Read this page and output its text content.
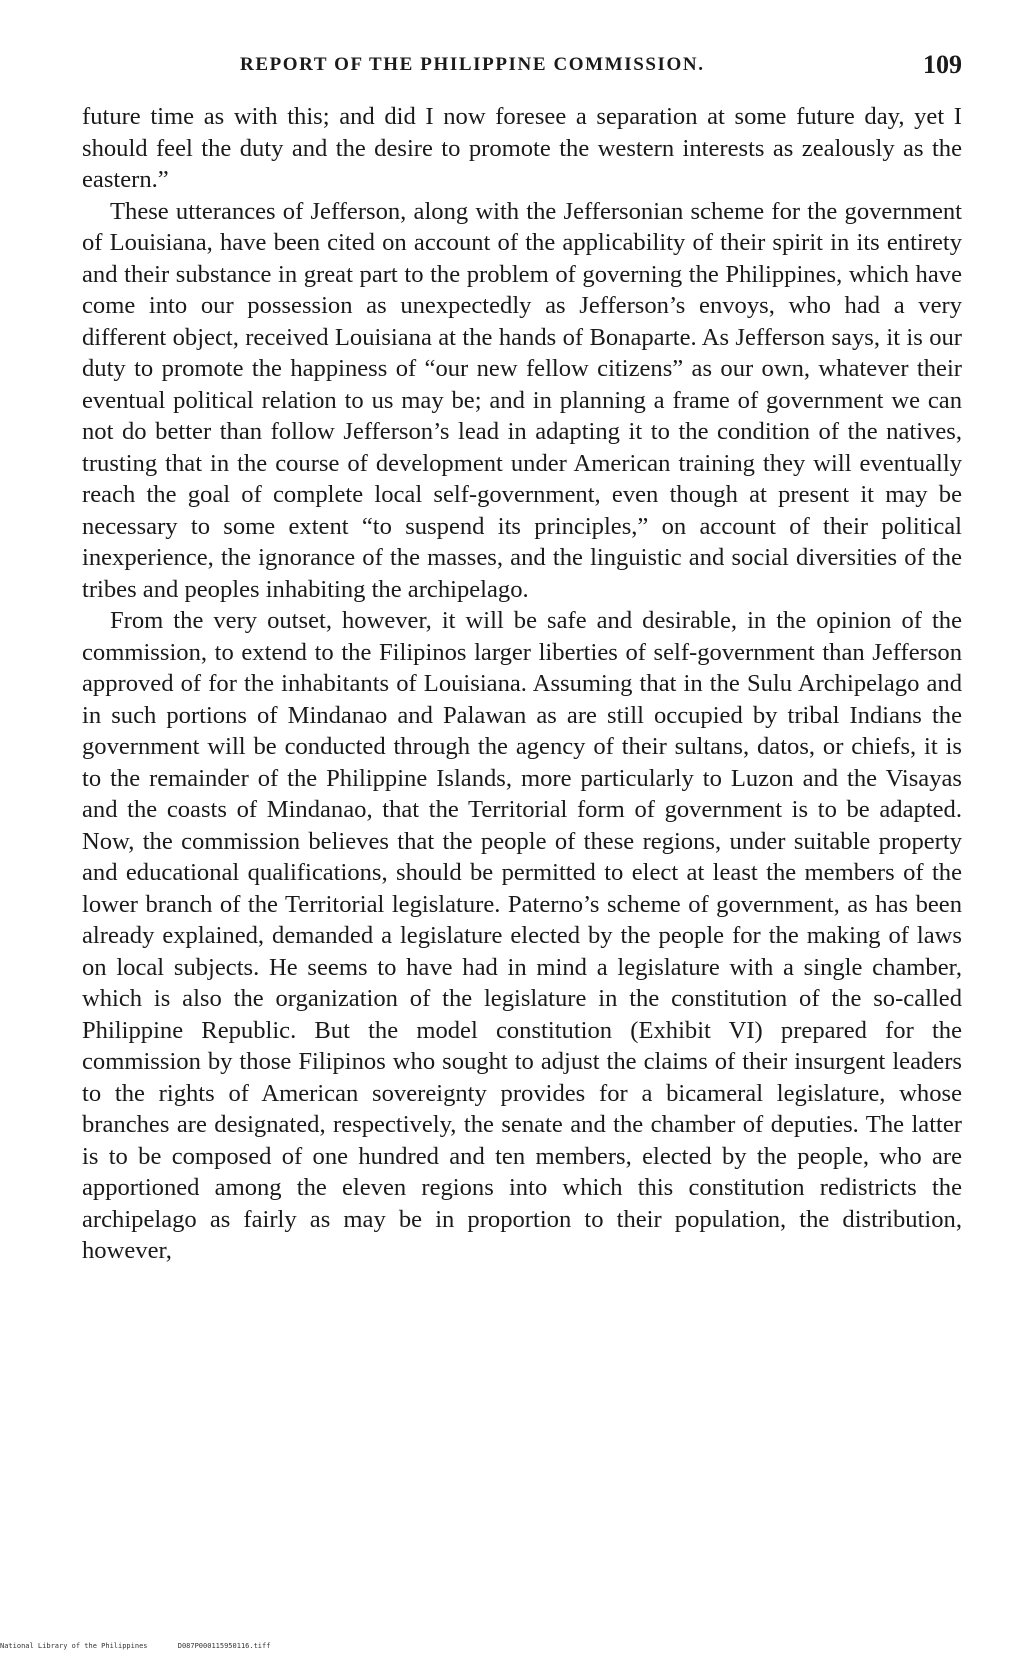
REPORT OF THE PHILIPPINE COMMISSION.	109

future time as with this; and did I now foresee a separation at some future day, yet I should feel the duty and the desire to promote the western interests as zealously as the eastern.”

These utterances of Jefferson, along with the Jeffersonian scheme for the government of Louisiana, have been cited on account of the applicability of their spirit in its entirety and their substance in great part to the problem of governing the Philippines, which have come into our possession as unexpectedly as Jefferson’s envoys, who had a very different object, received Louisiana at the hands of Bonaparte. As Jefferson says, it is our duty to promote the happiness of “our new fellow citizens” as our own, whatever their eventual political relation to us may be; and in planning a frame of government we can not do better than follow Jefferson’s lead in adapting it to the condition of the natives, trusting that in the course of development under American training they will eventually reach the goal of complete local self-government, even though at present it may be necessary to some extent “to suspend its principles,” on account of their political inexperience, the ignorance of the masses, and the linguistic and social diversities of the tribes and peoples inhabiting the archipelago.

From the very outset, however, it will be safe and desirable, in the opinion of the commission, to extend to the Filipinos larger liberties of self-government than Jefferson approved of for the inhabitants of Louisiana. Assuming that in the Sulu Archipelago and in such portions of Mindanao and Palawan as are still occupied by tribal Indians the government will be conducted through the agency of their sultans, datos, or chiefs, it is to the remainder of the Philippine Islands, more particularly to Luzon and the Visayas and the coasts of Mindanao, that the Territorial form of government is to be adapted. Now, the commission believes that the people of these regions, under suitable property and educational qualifications, should be permitted to elect at least the members of the lower branch of the Territorial legislature. Paterno’s scheme of government, as has been already explained, demanded a legislature elected by the people for the making of laws on local subjects. He seems to have had in mind a legislature with a single chamber, which is also the organization of the legislature in the constitution of the so-called Philippine Republic. But the model constitution (Exhibit VI) prepared for the commission by those Filipinos who sought to adjust the claims of their insurgent leaders to the rights of American sovereignty provides for a bicameral legislature, whose branches are designated, respectively, the senate and the chamber of deputies. The latter is to be composed of one hundred and ten members, elected by the people, who are apportioned among the eleven regions into which this constitution redistricts the archipelago as fairly as may be in proportion to their population, the distribution, however,

National Library of the Philippines	D087P000115950116.tiff
